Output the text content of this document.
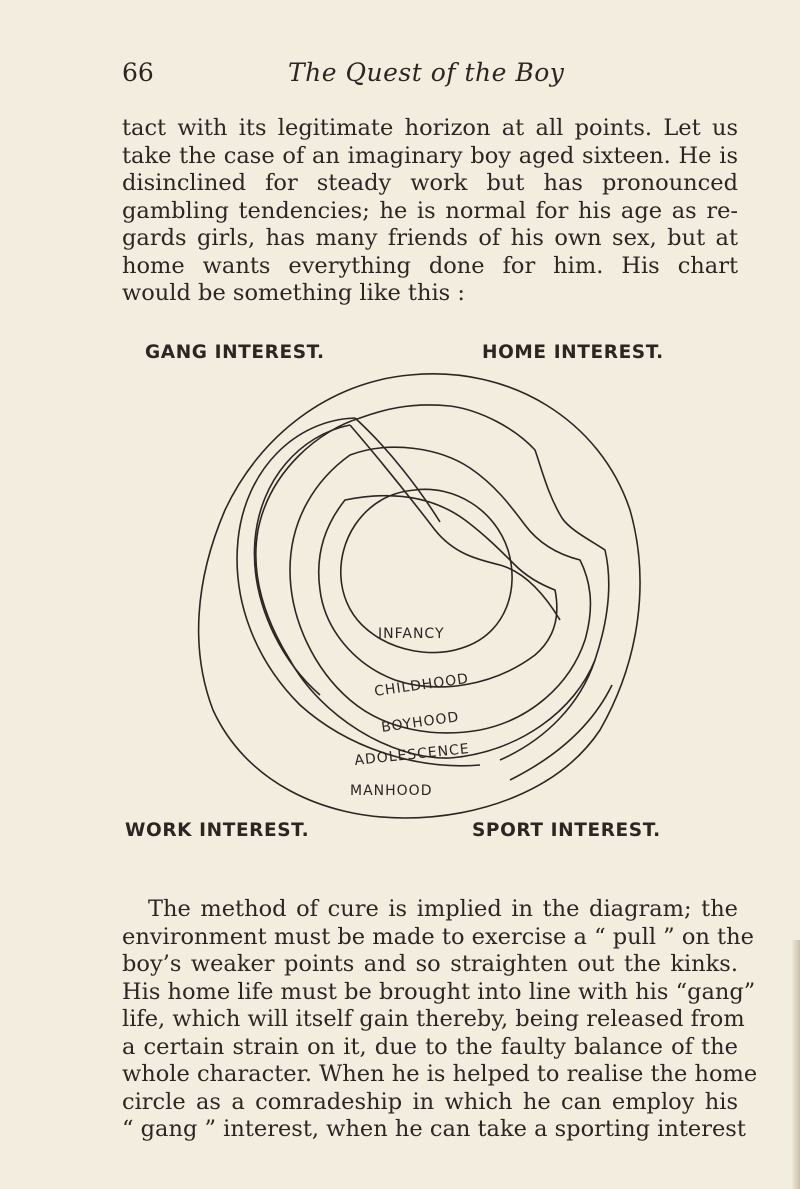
66	The Quest of the Boy
tact with its legitimate horizon at all points. Let us
take the case of an imaginary boy aged sixteen. He is
disinclined for steady work but has pronounced
gambling tendencies; he is normal for his age as re-
gards girls, has many friends of his own sex, but at
home wants everything done for him. His chart
would be something like this :
INFANCY
CHILDHOOD
BOYHOOD
ADOLESCENCE
MANHOOD
GANG INTEREST.	HOME INTEREST.
WORK INTEREST.	SPORT INTEREST.
The method of cure is implied in the diagram; the
environment must be made to exercise a “ pull ” on the
boy’s weaker points and so straighten out the kinks.
His home life must be brought into line with his “gang”
life, which will itself gain thereby, being released from
a certain strain on it, due to the faulty balance of the
whole character. When he is helped to realise the home
circle as a comradeship in which he can employ his
“ gang ” interest, when he can take a sporting interest
